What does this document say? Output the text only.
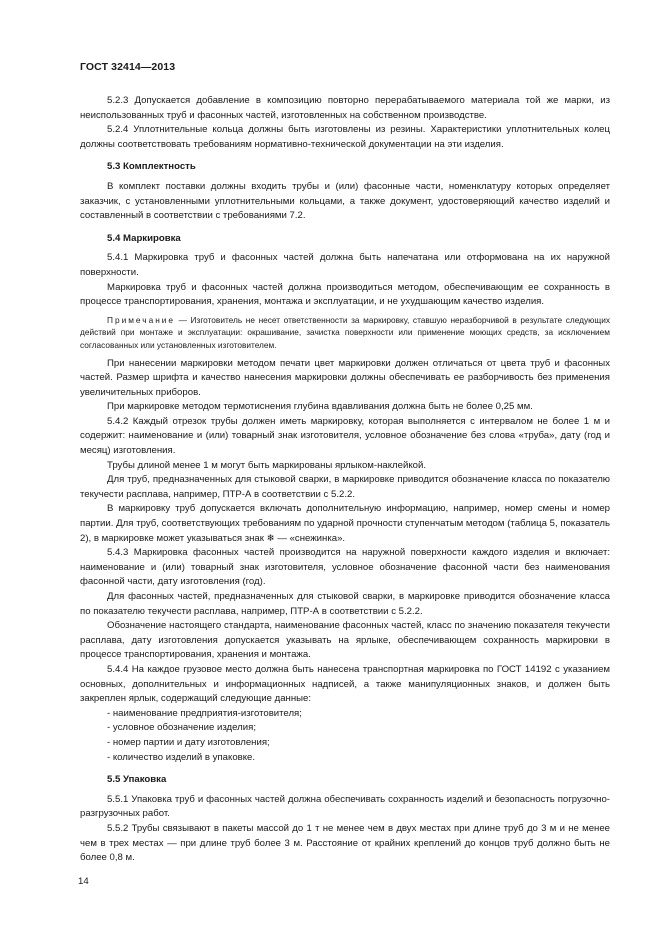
ГОСТ 32414—2013

5.2.3 Допускается добавление в композицию повторно перерабатываемого материала той же марки, из неиспользованных труб и фасонных частей, изготовленных на собственном производстве.

5.2.4 Уплотнительные кольца должны быть изготовлены из резины. Характеристики уплотнительных колец должны соответствовать требованиям нормативно-технической документации на эти изделия.

5.3 Комплектность

В комплект поставки должны входить трубы и (или) фасонные части, номенклатуру которых определяет заказчик, с установленными уплотнительными кольцами, а также документ, удостоверяющий качество изделий и составленный в соответствии с требованиями 7.2.

5.4 Маркировка

5.4.1 Маркировка труб и фасонных частей должна быть напечатана или отформована на их наружной поверхности.

Маркировка труб и фасонных частей должна производиться методом, обеспечивающим ее сохранность в процессе транспортирования, хранения, монтажа и эксплуатации, и не ухудшающим качество изделия.

Примечание — Изготовитель не несет ответственности за маркировку, ставшую неразборчивой в результате следующих действий при монтаже и эксплуатации: окрашивание, зачистка поверхности или применение моющих средств, за исключением согласованных или установленных изготовителем.

При нанесении маркировки методом печати цвет маркировки должен отличаться от цвета труб и фасонных частей. Размер шрифта и качество нанесения маркировки должны обеспечивать ее разборчивость без применения увеличительных приборов.

При маркировке методом термотиснения глубина вдавливания должна быть не более 0,25 мм.

5.4.2 Каждый отрезок трубы должен иметь маркировку, которая выполняется с интервалом не более 1 м и содержит: наименование и (или) товарный знак изготовителя, условное обозначение без слова «труба», дату (год и месяц) изготовления.

Трубы длиной менее 1 м могут быть маркированы ярлыком-наклейкой.

Для труб, предназначенных для стыковой сварки, в маркировке приводится обозначение класса по показателю текучести расплава, например, ПТР-А в соответствии с 5.2.2.

В маркировку труб допускается включать дополнительную информацию, например, номер смены и номер партии. Для труб, соответствующих требованиям по ударной прочности ступенчатым методом (таблица 5, показатель 2), в маркировке может указываться знак ❄ — «снежинка».

5.4.3 Маркировка фасонных частей производится на наружной поверхности каждого изделия и включает: наименование и (или) товарный знак изготовителя, условное обозначение фасонной части без наименования фасонной части, дату изготовления (год).

Для фасонных частей, предназначенных для стыковой сварки, в маркировке приводится обозначение класса по показателю текучести расплава, например, ПТР-А в соответствии с 5.2.2.

Обозначение настоящего стандарта, наименование фасонных частей, класс по значению показателя текучести расплава, дату изготовления допускается указывать на ярлыке, обеспечивающем сохранность маркировки в процессе транспортирования, хранения и монтажа.

5.4.4 На каждое грузовое место должна быть нанесена транспортная маркировка по ГОСТ 14192 с указанием основных, дополнительных и информационных надписей, а также манипуляционных знаков, и должен быть закреплен ярлык, содержащий следующие данные:

- наименование предприятия-изготовителя;
- условное обозначение изделия;
- номер партии и дату изготовления;
- количество изделий в упаковке.
5.5 Упаковка

5.5.1 Упаковка труб и фасонных частей должна обеспечивать сохранность изделий и безопасность погрузочно-разгрузочных работ.

5.5.2 Трубы связывают в пакеты массой до 1 т не менее чем в двух местах при длине труб до 3 м и не менее чем в трех местах — при длине труб более 3 м. Расстояние от крайних креплений до концов труб должно быть не более 0,8 м.

14
